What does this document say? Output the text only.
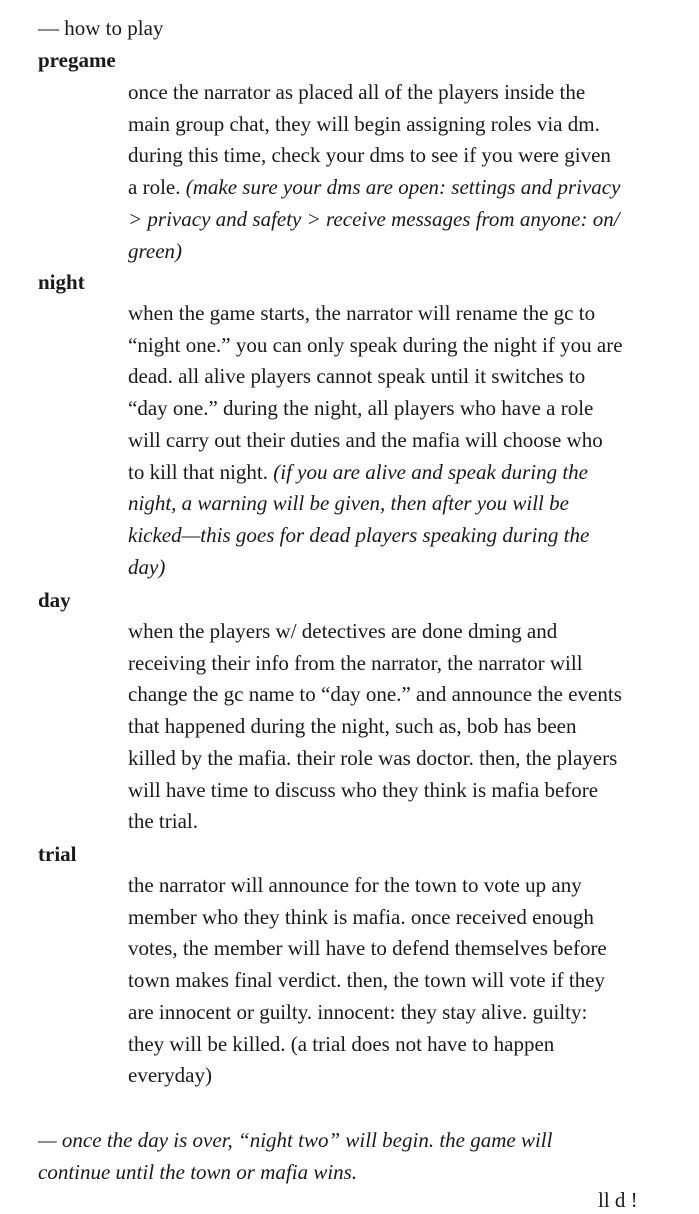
— how to play
pregame
once the narrator as placed all of the players inside the
main group chat, they will begin assigning roles via dm.
during this time, check your dms to see if you were given
a role. (make sure your dms are open: settings and privacy
> privacy and safety > receive messages from anyone: on/
green)
night
when the game starts, the narrator will rename the gc to
“night one.” you can only speak during the night if you are
dead. all alive players cannot speak until it switches to
“day one.” during the night, all players who have a role
will carry out their duties and the mafia will choose who
to kill that night. (if you are alive and speak during the
night, a warning will be given, then after you will be
kicked—this goes for dead players speaking during the
day)
day
when the players w/ detectives are done dming and
receiving their info from the narrator, the narrator will
change the gc name to “day one.” and announce the events
that happened during the night, such as, bob has been
killed by the mafia. their role was doctor. then, the players
will have time to discuss who they think is mafia before
the trial.
trial
the narrator will announce for the town to vote up any
member who they think is mafia. once received enough
votes, the member will have to defend themselves before
town makes final verdict. then, the town will vote if they
are innocent or guilty. innocent: they stay alive. guilty:
they will be killed. (a trial does not have to happen
everyday)
— once the day is over, “night two” will begin. the game will
continue until the town or mafia wins.
ll d !
